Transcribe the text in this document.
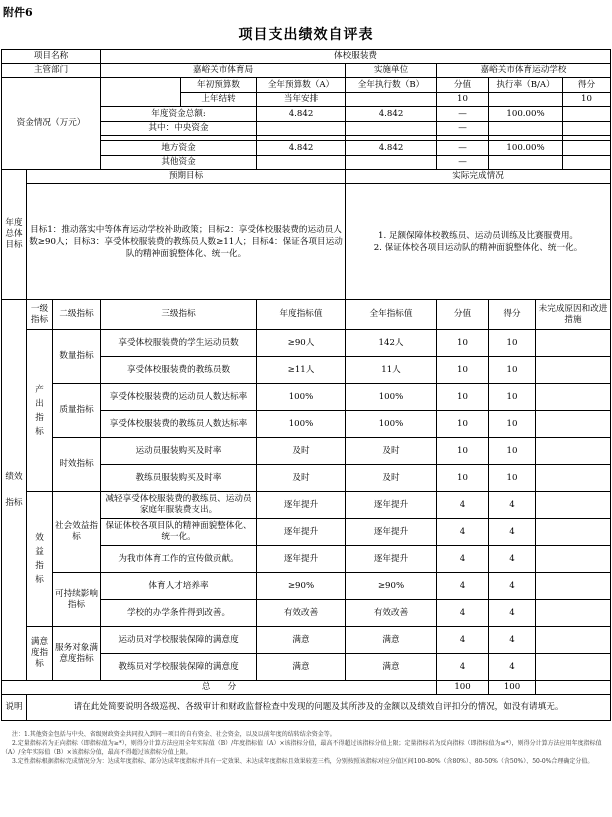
附件6
项目支出绩效自评表
项目名称			体校服装费							
主管部门			嘉峪关市体育局			实施单位	嘉峪关市体育运动学校			
资金情况（万元）				年初预算数	全年预算数（A）	全年执行数（B）	分值	执行率（B/A）		得分
				上年结转	当年安排		10			10
			年度资金总额:		4.842	4.842	—	100.00%		
			其中：中央资金				—			

			地方资金		4.842	4.842	—	100.00%		
			其他资金				—			
年度总体目标	预期目标					实际完成情况				
	目标1：推动落实中等体育运动学校补助政策；目标2：享受体校服装费的运动员人数≥90人；目标3：享受体校服装费的教练员人数≥11人；目标4：保证各项目运动队的精神面貌整体化、统一化。					1. 足额保障体校教练员、运动员训练及比赛服费用。
2. 保证体校各项目运动队的精神面貌整体化、统一化。				
绩效指标	一级指标	二级指标	三级指标		年度指标值	全年指标值	分值	得分	未完成原因和改进措施	
	产出指标	数量指标	享受体校服装费的学生运动员数		≥90人	142人	10	10		
			享受体校服装费的教练员数		≥11人	11人	10	10		
		质量指标	享受体校服装费的运动员人数达标率		100%	100%	10	10		
			享受体校服装费的教练员人数达标率		100%	100%	10	10		
		时效指标	运动员服装购买及时率		及时	及时	10	10		
			教练员服装购买及时率		及时	及时	10	10		
	效益指标	社会效益指标	减轻享受体校服装费的教练员、运动员家庭年服装费支出。		逐年提升	逐年提升	4	4		
			保证体校各项目队的精神面貌整体化、统一化。		逐年提升	逐年提升	4	4		
			为我市体育工作的宣传做贡献。		逐年提升	逐年提升	4	4		
		可持续影响指标	体育人才培养率		≥90%	≥90%	4	4		
			学校的办学条件得到改善。		有效改善	有效改善	4	4		
	满意度指标	服务对象满意度指标	运动员对学校服装保障的满意度		满意	满意	4	4		
			教练员对学校服装保障的满意度		满意	满意	4	4		
总　　分							100	100		
说明	请在此处简要说明各级巡视、各级审计和财政监督检查中发现的问题及其所涉及的金额以及绩效自评扣分的情况，如没有请填无。									

注：1.其他资金包括与中央、省级财政资金共同投入到同一项目的自有资金、社会资金，以及以前年度的结转结余资金等。

2.定量指标若为正向指标（即指标值为≥*），则得分计算方法应用全年实际值（B）/年度指标值（A）×该指标分值，最高不得超过该指标分值上限；定量指标若为反向指标（即指标值为≤*），则得分计算方法应用年度指标值（A）/全年实际值（B）×该指标分值，最高不得超过该指标分值上限。

3.定性指标根据指标完成情况分为：达成年度指标、部分达成年度指标并具有一定效果、未达成年度指标且效果较差三档，分别按照该指标对应分值区间100-80%（含80%）、80-50%（含50%）、50-0%合理确定分值。
